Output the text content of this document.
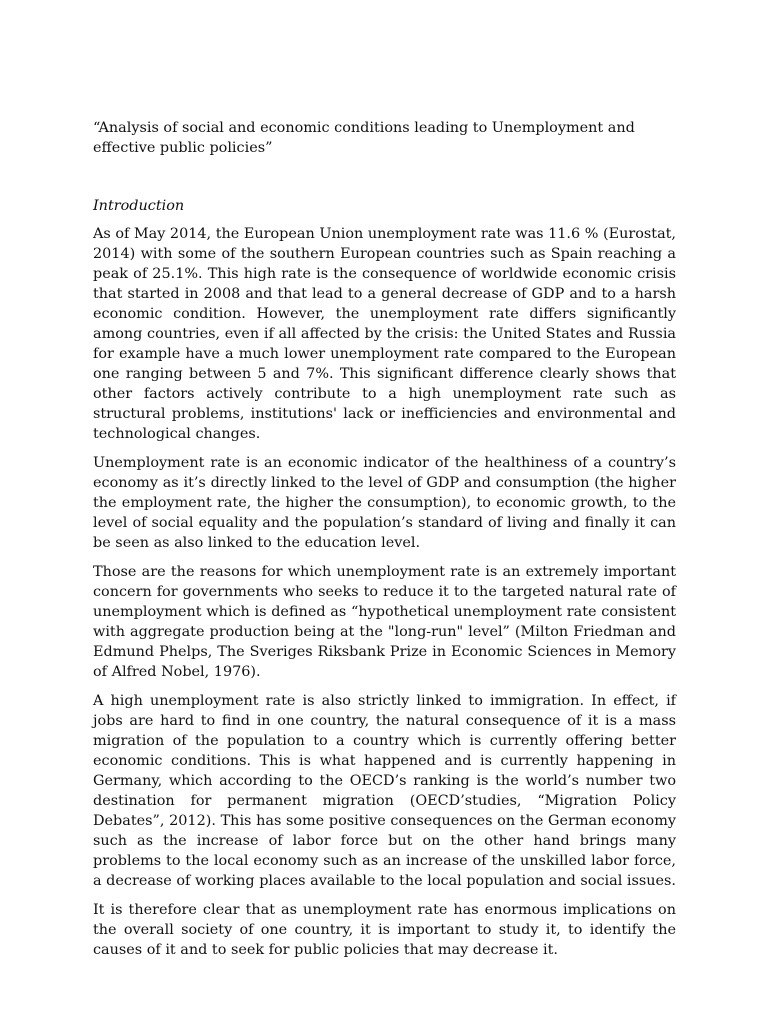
“Analysis of social and economic conditions leading to Unemployment and effective public policies”
Introduction

As of May 2014, the European Union unemployment rate was 11.6 % (Eurostat, 2014) with some of the southern European countries such as Spain reaching a peak of 25.1%. This high rate is the consequence of worldwide economic crisis that started in 2008 and that lead to a general decrease of GDP and to a harsh economic condition. However, the unemployment rate differs significantly among countries, even if all affected by the crisis: the United States and Russia for example have a much lower unemployment rate compared to the European one ranging between 5 and 7%. This significant difference clearly shows that other factors actively contribute to a high unemployment rate such as structural problems, institutions' lack or inefficiencies and environmental and technological changes.

Unemployment rate is an economic indicator of the healthiness of a country’s economy as it’s directly linked to the level of GDP and consumption (the higher the employment rate, the higher the consumption), to economic growth, to the level of social equality and the population’s standard of living and finally it can be seen as also linked to the education level.

Those are the reasons for which unemployment rate is an extremely important concern for governments who seeks to reduce it to the targeted natural rate of unemployment which is defined as “hypothetical unemployment rate consistent with aggregate production being at the "long-run" level” (Milton Friedman and Edmund Phelps, The Sveriges Riksbank Prize in Economic Sciences in Memory of Alfred Nobel, 1976).

A high unemployment rate is also strictly linked to immigration. In effect, if jobs are hard to find in one country, the natural consequence of it is a mass migration of the population to a country which is currently offering better economic conditions. This is what happened and is currently happening in Germany, which according to the OECD’s ranking is the world’s number two destination for permanent migration (OECD’studies, “Migration Policy Debates”, 2012). This has some positive consequences on the German economy such as the increase of labor force but on the other hand brings many problems to the local economy such as an increase of the unskilled labor force, a decrease of working places available to the local population and social issues.

It is therefore clear that as unemployment rate has enormous implications on the overall society of one country, it is important to study it, to identify the causes of it and to seek for public policies that may decrease it.
